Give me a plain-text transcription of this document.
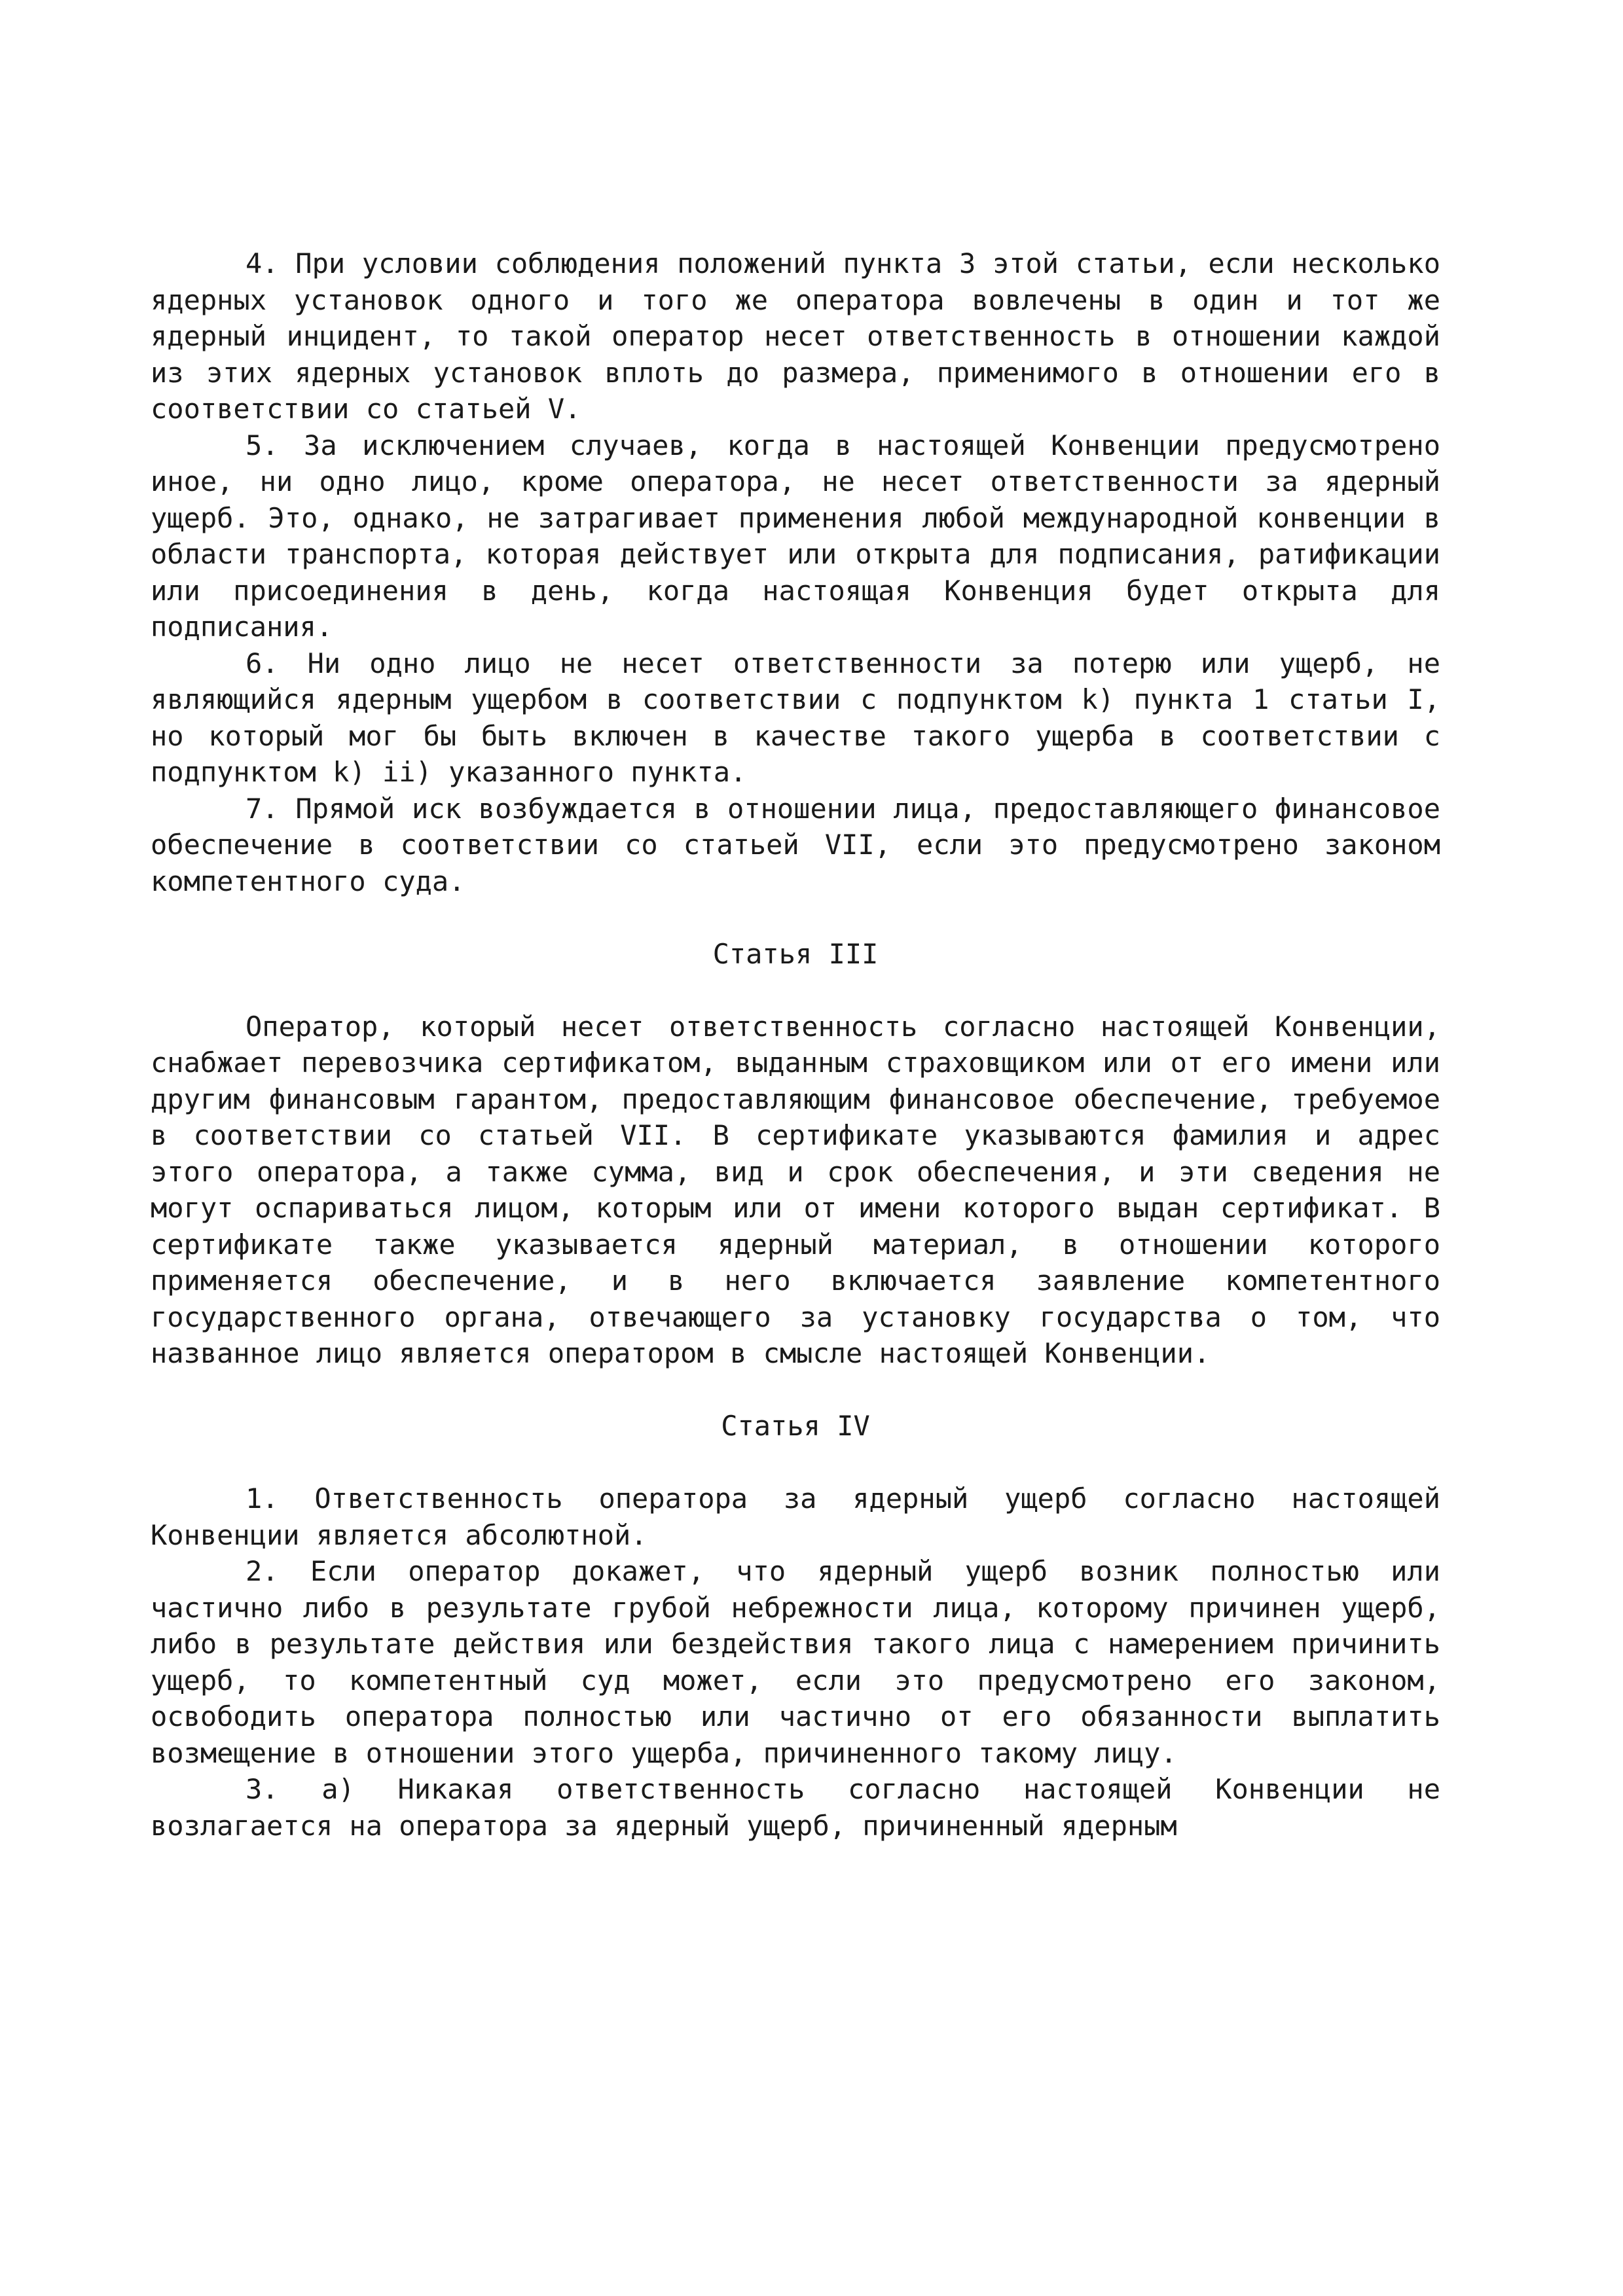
4. При условии соблюдения положений пункта 3 этой статьи, если несколько ядерных установок одного и того же оператора вовлечены в один и тот же ядерный инцидент, то такой оператор несет ответственность в отношении каждой из этих ядерных установок вплоть до размера, применимого в отношении его в соответствии со статьей V.

5. За исключением случаев, когда в настоящей Конвенции предусмотрено иное, ни одно лицо, кроме оператора, не несет ответственности за ядерный ущерб. Это, однако, не затрагивает применения любой международной конвенции в области транспорта, которая действует или открыта для подписания, ратификации или присоединения в день, когда настоящая Конвенция будет открыта для подписания.

6. Ни одно лицо не несет ответственности за потерю или ущерб, не являющийся ядерным ущербом в соответствии с подпунктом k) пункта 1 статьи I, но который мог бы быть включен в качестве такого ущерба в соответствии с подпунктом k) ii) указанного пункта.

7. Прямой иск возбуждается в отношении лица, предоставляющего финансовое обеспечение в соответствии со статьей VII, если это предусмотрено законом компетентного суда.

Статья III

Оператор, который несет ответственность согласно настоящей Конвенции, снабжает перевозчика сертификатом, выданным страховщиком или от его имени или другим финансовым гарантом, предоставляющим финансовое обеспечение, требуемое в соответствии со статьей VII. В сертификате указываются фамилия и адрес этого оператора, а также сумма, вид и срок обеспечения, и эти сведения не могут оспариваться лицом, которым или от имени которого выдан сертификат. В сертификате также указывается ядерный материал, в отношении которого применяется обеспечение, и в него включается заявление компетентного государственного органа, отвечающего за установку государства о том, что названное лицо является оператором в смысле настоящей Конвенции.

Статья IV

1. Ответственность оператора за ядерный ущерб согласно настоящей Конвенции является абсолютной.

2. Если оператор докажет, что ядерный ущерб возник полностью или частично либо в результате грубой небрежности лица, которому причинен ущерб, либо в результате действия или бездействия такого лица с намерением причинить ущерб, то компетентный суд может, если это предусмотрено его законом, освободить оператора полностью или частично от его обязанности выплатить возмещение в отношении этого ущерба, причиненного такому лицу.

3. a) Никакая ответственность согласно настоящей Конвенции не возлагается на оператора за ядерный ущерб, причиненный ядерным
